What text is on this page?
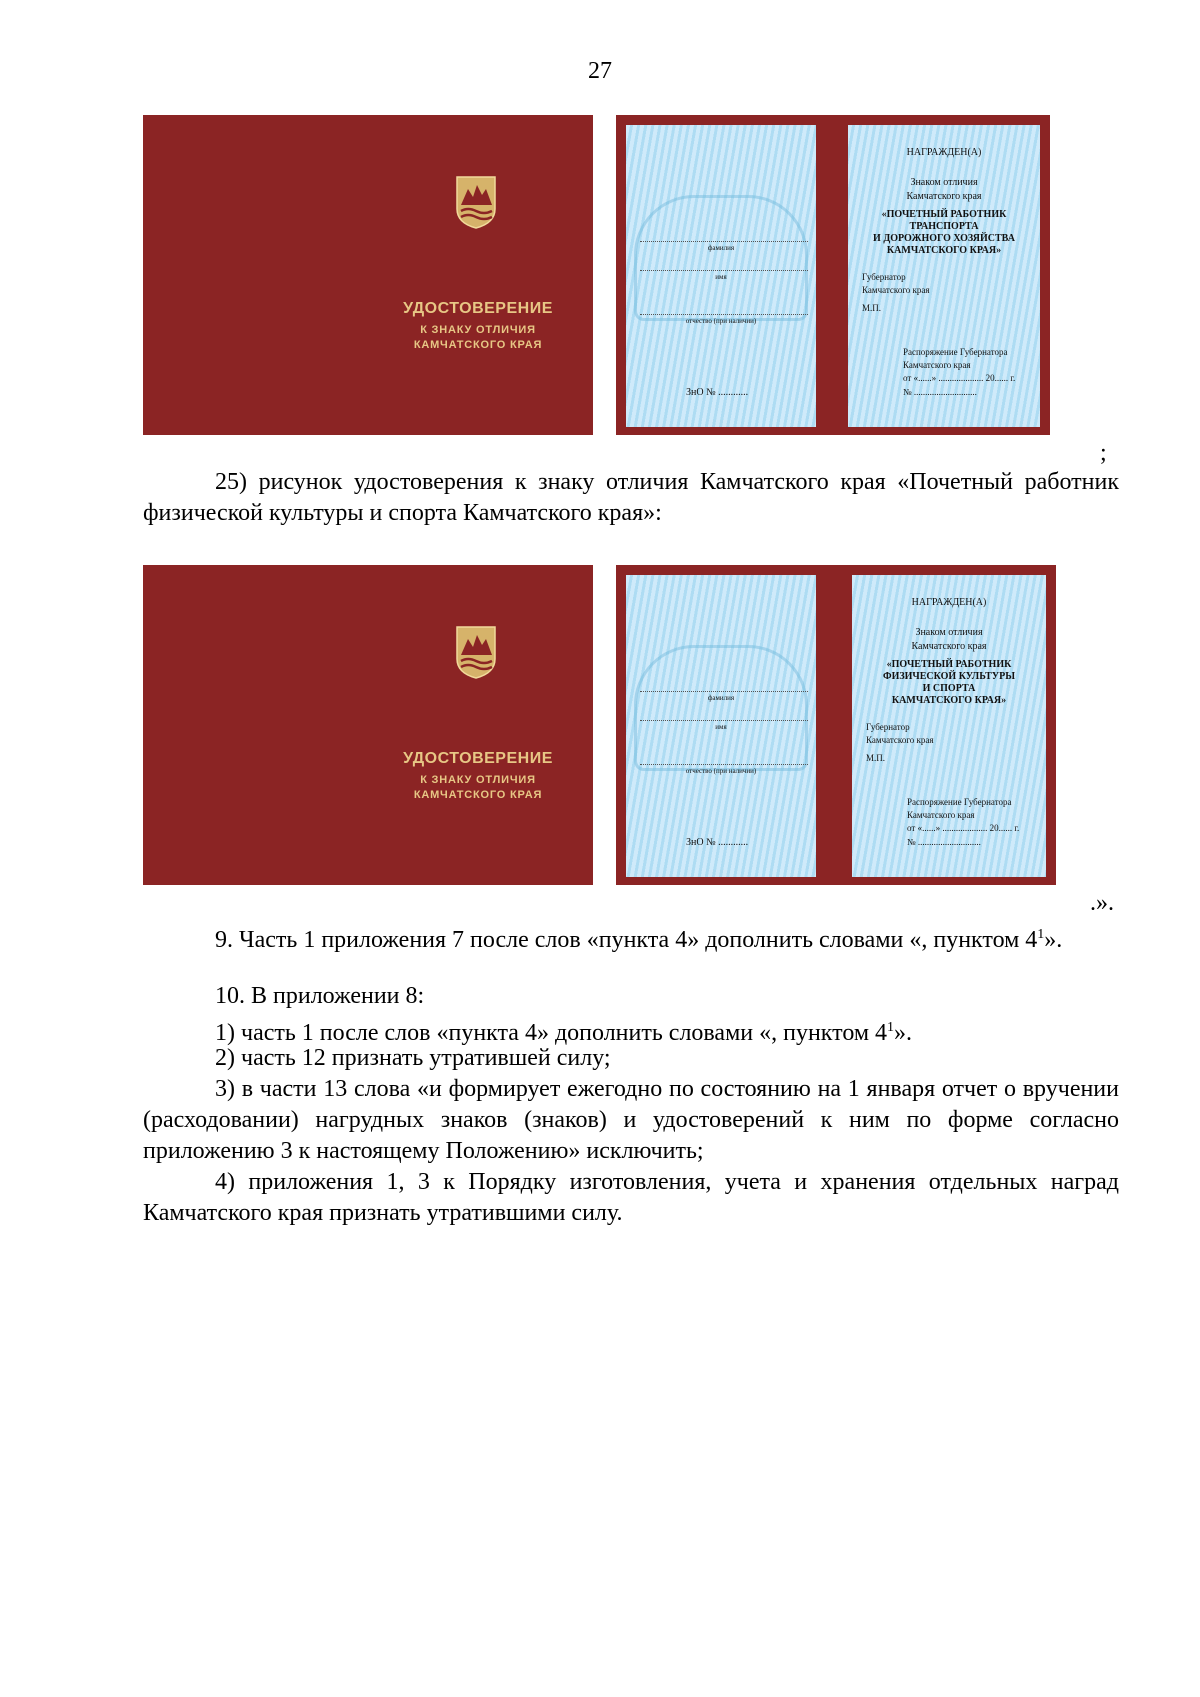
27
УДОСТОВЕРЕНИЕ
К ЗНАКУ ОТЛИЧИЯ
КАМЧАТСКОГО КРАЯ
фамилия
имя
отчество (при наличии)
ЗнО № ............
НАГРАЖДЕН(А)
Знаком отличия
Камчатского края
«ПОЧЕТНЫЙ РАБОТНИК
ТРАНСПОРТА
И ДОРОЖНОГО ХОЗЯЙСТВА
КАМЧАТСКОГО КРАЯ»
Губернатор
Камчатского края
М.П.
Распоряжение Губернатора
Камчатского края
от «......» .................... 20...... г.
№ ............................
;
25) рисунок удостоверения к знаку отличия Камчатского края «Почетный работник физической культуры и спорта Камчатского края»:
УДОСТОВЕРЕНИЕ
К ЗНАКУ ОТЛИЧИЯ
КАМЧАТСКОГО КРАЯ
фамилия
имя
отчество (при наличии)
ЗнО № ............
НАГРАЖДЕН(А)
Знаком отличия
Камчатского края
«ПОЧЕТНЫЙ РАБОТНИК
ФИЗИЧЕСКОЙ КУЛЬТУРЫ
И СПОРТА
КАМЧАТСКОГО КРАЯ»
Губернатор
Камчатского края
М.П.
Распоряжение Губернатора
Камчатского края
от «......» .................... 20...... г.
№ ............................
.».
9. Часть 1 приложения 7 после слов «пункта 4» дополнить словами «, пунктом $4^1$».
10. В приложении 8:
1) часть 1 после слов «пункта 4» дополнить словами «, пунктом $4^1$».
2) часть 12 признать утратившей силу;
3) в части 13 слова «и формирует ежегодно по состоянию на 1 января отчет о вручении (расходовании) нагрудных знаков (знаков) и удостоверений к ним по форме согласно приложению 3 к настоящему Положению» исключить;
4) приложения 1, 3 к Порядку изготовления, учета и хранения отдельных наград Камчатского края признать утратившими силу.
